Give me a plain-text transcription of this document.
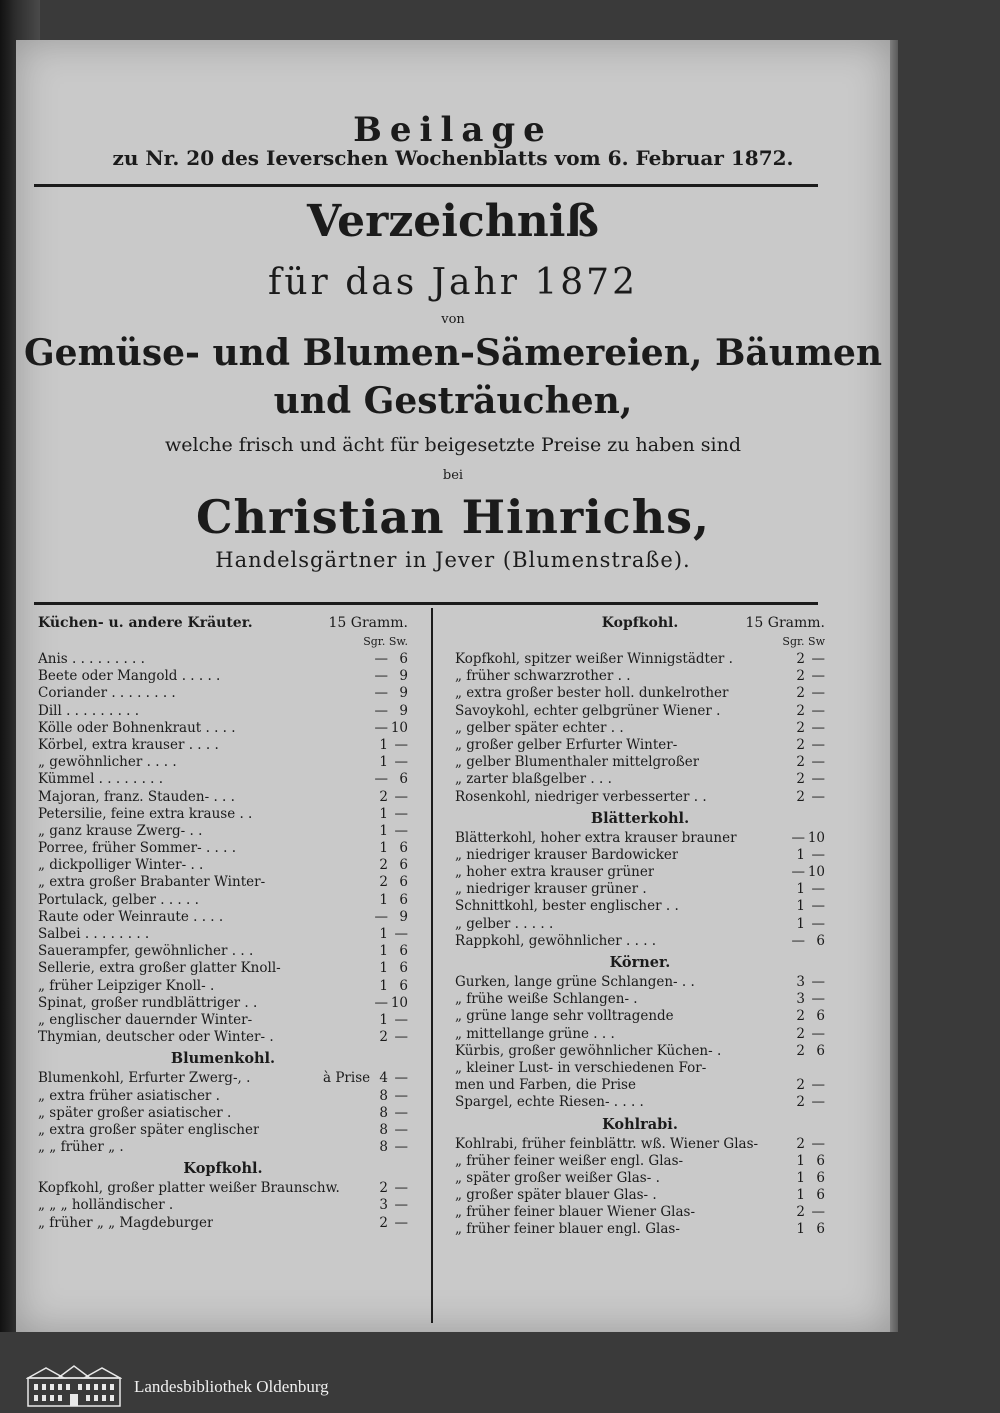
Beilage
zu Nr. 20 des Ieverschen Wochenblatts vom 6. Februar 1872.
Verzeichniß
für das Jahr 1872
von
Gemüse- und Blumen-Sämereien, Bäumen
und Gesträuchen,
welche frisch und ächt für beigesetzte Preise zu haben sind
bei
Christian Hinrichs,
Handelsgärtner in Jever (Blumenstraße).
Küchen- u. andere Kräuter.	15 Gramm.
Sgr. Sw.
Anis . . . . . . . . .	— 6
Beete oder Mangold . . . . .	— 9
Coriander . . . . . . . .	— 9
Dill . . . . . . . . .	— 9
Kölle oder Bohnenkraut . . . .	— 10
Körbel, extra krauser . . . .	1 —
„ gewöhnlicher . . . .	1 —
Kümmel . . . . . . . .	— 6
Majoran, franz. Stauden- . . .	2 —
Petersilie, feine extra krause . .	1 —
„ ganz krause Zwerg- . .	1 —
Porree, früher Sommer- . . . .	1 6
„ dickpolliger Winter- . .	2 6
„ extra großer Brabanter Winter-	2 6
Portulack, gelber . . . . .	1 6
Raute oder Weinraute . . . .	— 9
Salbei . . . . . . . .	1 —
Sauerampfer, gewöhnlicher . . .	1 6
Sellerie, extra großer glatter Knoll-	1 6
„ früher Leipziger Knoll- .	1 6
Spinat, großer rundblättriger . .	— 10
„ englischer dauernder Winter-	1 —
Thymian, deutscher oder Winter- .	2 —
Blumenkohl.
Blumenkohl, Erfurter Zwerg-, .	à Prise 4 —
„ extra früher asiatischer .	8 —
„ später großer asiatischer .	8 —
„ extra großer später englischer	8 —
„ „ früher „ .	8 —
Kopfkohl.
Kopfkohl, großer platter weißer Braunschw.	2 —
„ „ „ holländischer .	3 —
„ früher „ „ Magdeburger	2 —
Kopfkohl.	15 Gramm.
Sgr. Sw
Kopfkohl, spitzer weißer Winnigstädter .	2 —
„ früher schwarzrother . .	2 —
„ extra großer bester holl. dunkelrother	2 —
Savoykohl, echter gelbgrüner Wiener .	2 —
„ gelber später echter . .	2 —
„ großer gelber Erfurter Winter-	2 —
„ gelber Blumenthaler mittelgroßer	2 —
„ zarter blaßgelber . . .	2 —
Rosenkohl, niedriger verbesserter . .	2 —
Blätterkohl.
Blätterkohl, hoher extra krauser brauner	— 10
„ niedriger krauser Bardowicker	1 —
„ hoher extra krauser grüner	— 10
„ niedriger krauser grüner .	1 —
Schnittkohl, bester englischer . .	1 —
„ gelber . . . . .	1 —
Rappkohl, gewöhnlicher . . . .	— 6
Körner.
Gurken, lange grüne Schlangen- . .	3 —
„ frühe weiße Schlangen- .	3 —
„ grüne lange sehr volltragende	2 6
„ mittellange grüne . . .	2 —
Kürbis, großer gewöhnlicher Küchen- .	2 6
„ kleiner Lust- in verschiedenen For-
men und Farben, die Prise	2 —
Spargel, echte Riesen- . . . .	2 —
Kohlrabi.
Kohlrabi, früher feinblättr. wß. Wiener Glas-	2 —
„ früher feiner weißer engl. Glas-	1 6
„ später großer weißer Glas- .	1 6
„ großer später blauer Glas- .	1 6
„ früher feiner blauer Wiener Glas-	2 —
„ früher feiner blauer engl. Glas-	1 6
Landesbibliothek Oldenburg
